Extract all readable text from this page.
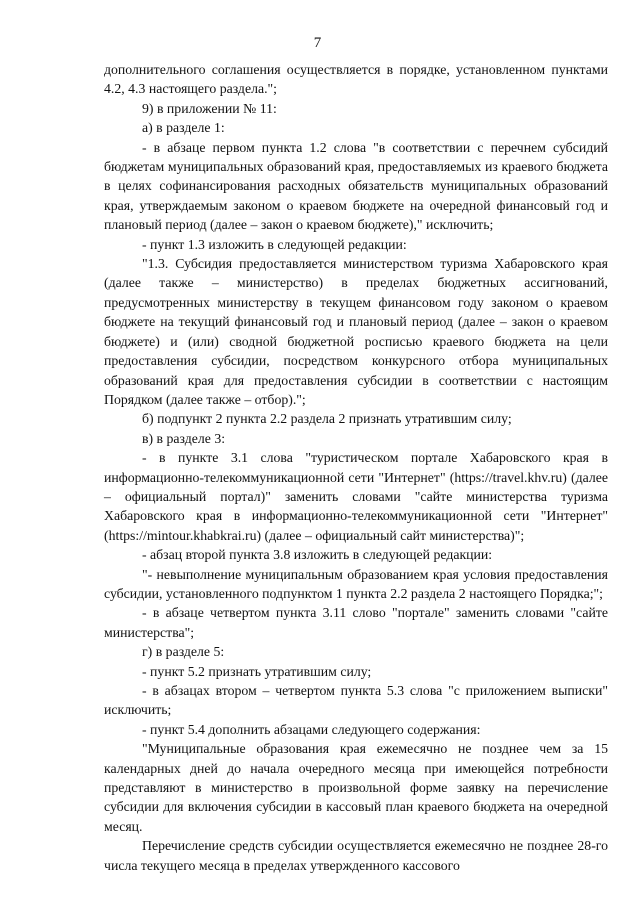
7

дополнительного соглашения осуществляется в порядке, установленном пунктами 4.2, 4.3 настоящего раздела.";

9) в приложении № 11:

а) в разделе 1:

- в абзаце первом пункта 1.2 слова "в соответствии с перечнем субсидий бюджетам муниципальных образований края, предоставляемых из краевого бюджета в целях софинансирования расходных обязательств муниципальных образований края, утверждаемым законом о краевом бюджете на очередной финансовый год и плановый период (далее – закон о краевом бюджете)," исключить;

- пункт 1.3 изложить в следующей редакции:

"1.3. Субсидия предоставляется министерством туризма Хабаровского края (далее также – министерство) в пределах бюджетных ассигнований, предусмотренных министерству в текущем финансовом году законом о краевом бюджете на текущий финансовый год и плановый период (далее – закон о краевом бюджете) и (или) сводной бюджетной росписью краевого бюджета на цели предоставления субсидии, посредством конкурсного отбора муниципальных образований края для предоставления субсидии в соответствии с настоящим Порядком (далее также – отбор).";

б) подпункт 2 пункта 2.2 раздела 2 признать утратившим силу;

в) в разделе 3:

- в пункте 3.1 слова "туристическом портале Хабаровского края в информационно-телекоммуникационной сети "Интернет" (https://travel.khv.ru) (далее – официальный портал)" заменить словами "сайте министерства туризма Хабаровского края в информационно-телекоммуникационной сети "Интернет" (https://mintour.khabkrai.ru) (далее – официальный сайт министерства)";

- абзац второй пункта 3.8 изложить в следующей редакции:

"- невыполнение муниципальным образованием края условия предоставления субсидии, установленного подпунктом 1 пункта 2.2 раздела 2 настоящего Порядка;";

- в абзаце четвертом пункта 3.11 слово "портале" заменить словами "сайте министерства";

г) в разделе 5:

- пункт 5.2 признать утратившим силу;

- в абзацах втором – четвертом пункта 5.3 слова "с приложением выписки" исключить;

- пункт 5.4 дополнить абзацами следующего содержания:

"Муниципальные образования края ежемесячно не позднее чем за 15 календарных дней до начала очередного месяца при имеющейся потребности представляют в министерство в произвольной форме заявку на перечисление субсидии для включения субсидии в кассовый план краевого бюджета на очередной месяц.

Перечисление средств субсидии осуществляется ежемесячно не позднее 28-го числа текущего месяца в пределах утвержденного кассового
